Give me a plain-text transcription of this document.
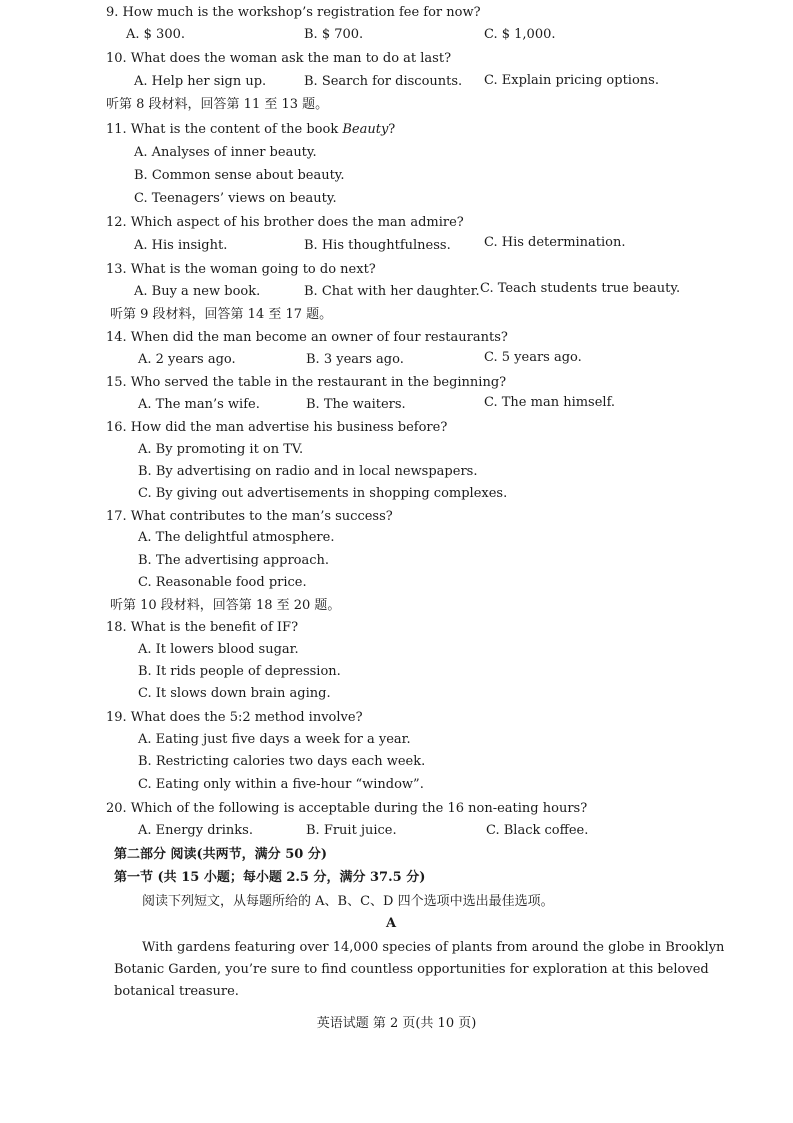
9. How much is the workshop’s registration fee for now?
A. $ 300.	B. $ 700.	C. $ 1,000.
10. What does the woman ask the man to do at last?
A. Help her sign up.	B. Search for discounts. C. Explain pricing options.
听第 8 段材料，回答第 11 至 13 题。
11. What is the content of the book Beauty?
A. Analyses of inner beauty.
B. Common sense about beauty.
C. Teenagers’ views on beauty.
12. Which aspect of his brother does the man admire?
A. His insight.	B. His thoughtfulness.	C. His determination.
13. What is the woman going to do next?
A. Buy a new book.	B. Chat with her daughter. C. Teach students true beauty.
听第 9 段材料，回答第 14 至 17 题。
14. When did the man become an owner of four restaurants?
A. 2 years ago.	B. 3 years ago.	C. 5 years ago.
15. Who served the table in the restaurant in the beginning?
A. The man’s wife.	B. The waiters.	C. The man himself.
16. How did the man advertise his business before?
A. By promoting it on TV.
B. By advertising on radio and in local newspapers.
C. By giving out advertisements in shopping complexes.
17. What contributes to the man’s success?
A. The delightful atmosphere.
B. The advertising approach.
C. Reasonable food price.
听第 10 段材料，回答第 18 至 20 题。
18. What is the benefit of IF?
A. It lowers blood sugar.
B. It rids people of depression.
C. It slows down brain aging.
19. What does the 5:2 method involve?
A. Eating just five days a week for a year.
B. Restricting calories two days each week.
C. Eating only within a five-hour “window”.
20. Which of the following is acceptable during the 16 non-eating hours?
A. Energy drinks.	B. Fruit juice.	C. Black coffee.
第二部分 阅读(共两节，满分 50 分)
第一节 (共 15 小题；每小题 2.5 分，满分 37.5 分)
阅读下列短文，从每题所给的 A、B、C、D 四个选项中选出最佳选项。
A
With gardens featuring over 14,000 species of plants from around the globe in Brooklyn
Botanic Garden, you’re sure to find countless opportunities for exploration at this beloved
botanical treasure.
英语试题 第 2 页(共 10 页)
